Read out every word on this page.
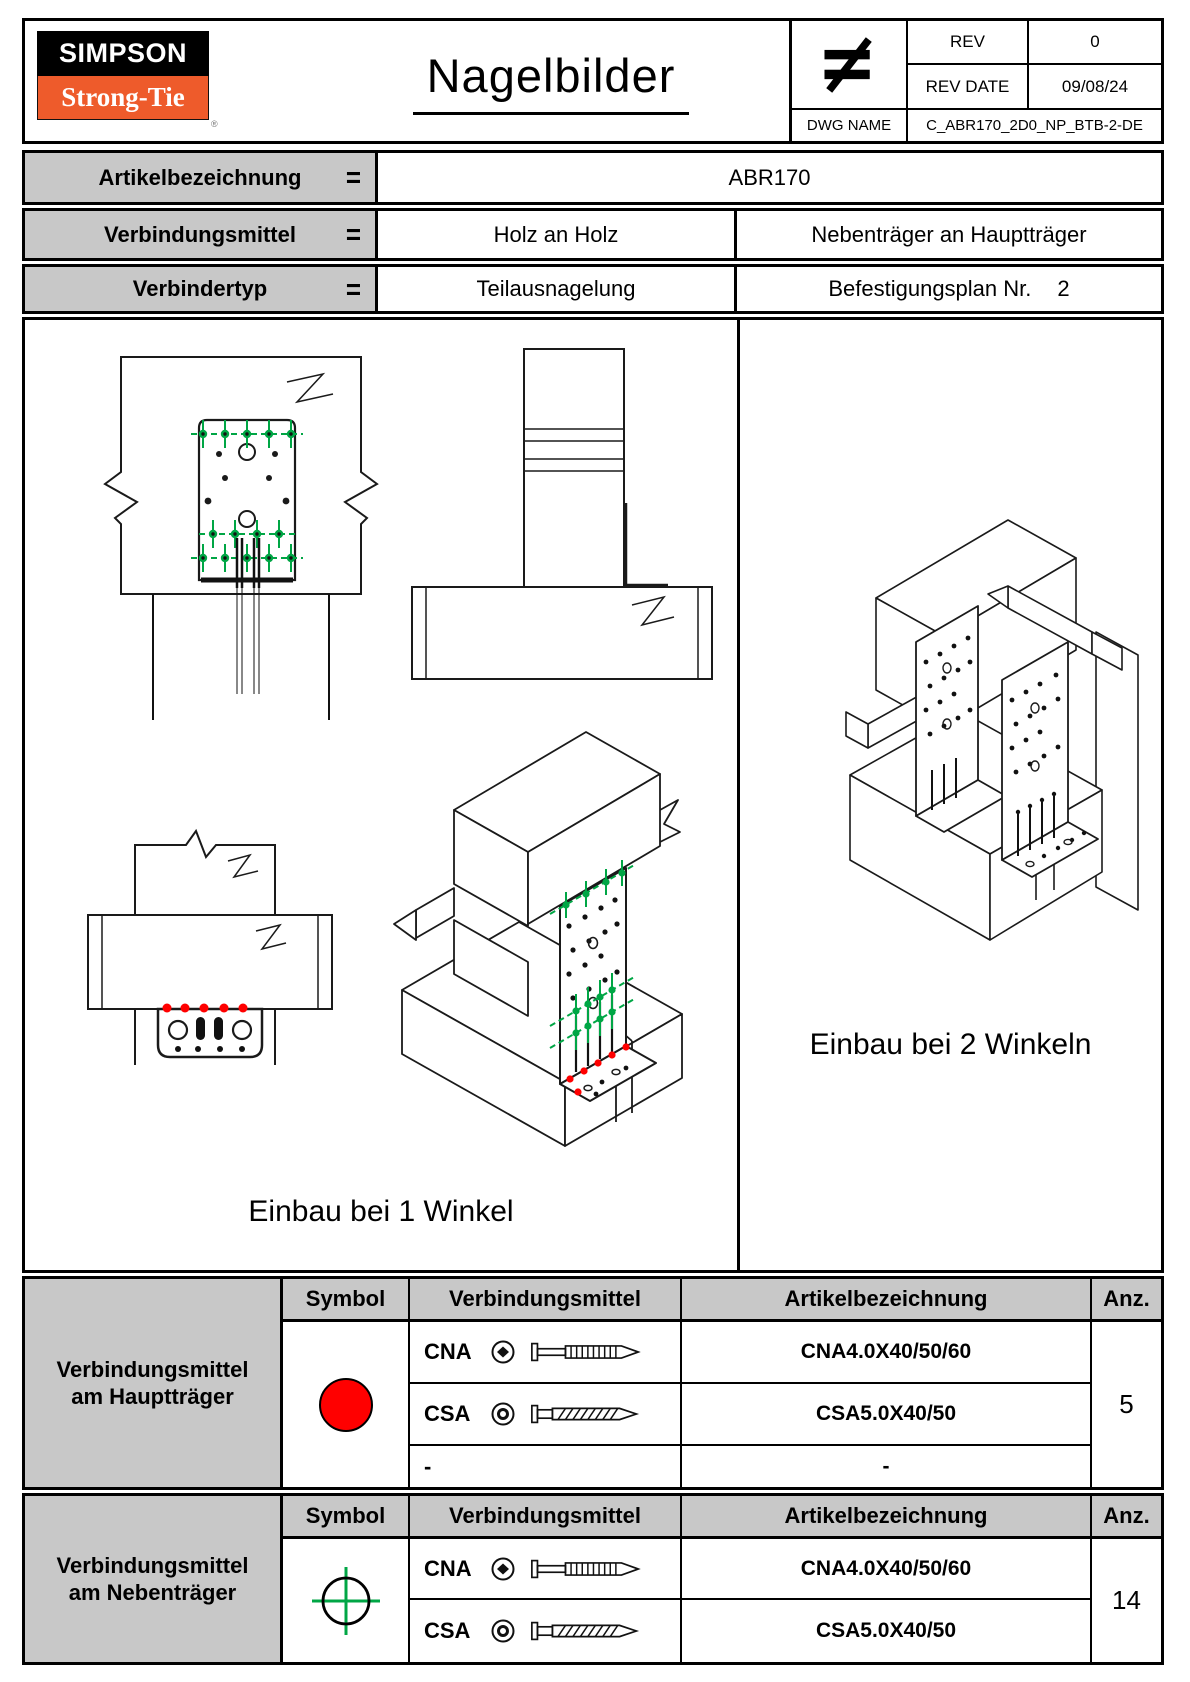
SIMPSON
Strong-Tie
®
Nagelbilder
REV	0
REV DATE	09/08/24
DWG NAME	C_ABR170_2D0_NP_BTB-2-DE
Artikelbezeichnung =	ABR170
Verbindungsmittel =	Holz an Holz	Nebenträger an Hauptträger
Verbindertyp	=	Teilausnagelung	Befestigungsplan Nr. 2
Einbau bei 1 Winkel
Einbau bei 2 Winkeln
Verbindungsmittel
am Hauptträger
Symbol	Verbindungsmittel	Artikelbezeichnung	Anz.
CNA	CNA4.0X40/50/60
CSA	CSA5.0X40/50
-	-
5
Verbindungsmittel
am Nebenträger
Symbol	Verbindungsmittel	Artikelbezeichnung	Anz.
CNA	CNA4.0X40/50/60
CSA	CSA5.0X40/50
14
